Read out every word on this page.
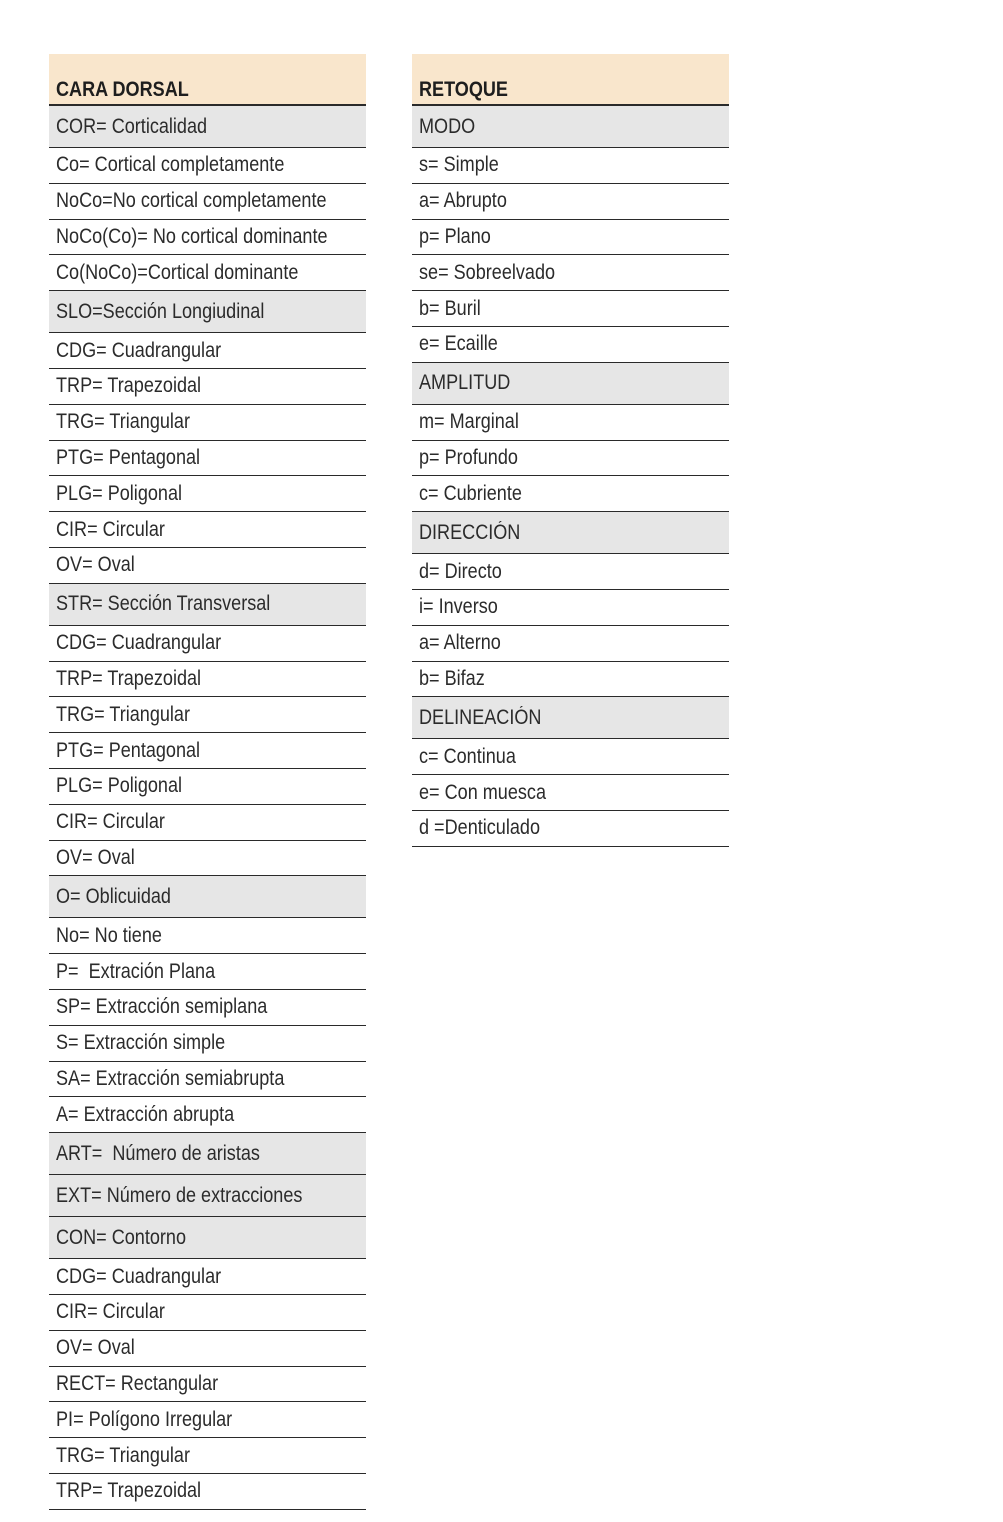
CARA DORSAL
COR= Corticalidad
Co= Cortical completamente
NoCo=No cortical completamente
NoCo(Co)= No cortical dominante
Co(NoCo)=Cortical dominante
SLO=Sección Longiudinal
CDG= Cuadrangular
TRP= Trapezoidal
TRG= Triangular
PTG= Pentagonal
PLG= Poligonal
CIR= Circular
OV= Oval
STR= Sección Transversal
CDG= Cuadrangular
TRP= Trapezoidal
TRG= Triangular
PTG= Pentagonal
PLG= Poligonal
CIR= Circular
OV= Oval
O= Oblicuidad
No= No tiene
P=  Extración Plana
SP= Extracción semiplana
S= Extracción simple
SA= Extracción semiabrupta
A= Extracción abrupta
ART=  Número de aristas
EXT= Número de extracciones
CON= Contorno
CDG= Cuadrangular
CIR= Circular
OV= Oval
RECT= Rectangular
PI= Polígono Irregular
TRG= Triangular
TRP= Trapezoidal
RETOQUE
MODO
s= Simple
a= Abrupto
p= Plano
se= Sobreelvado
b= Buril
e= Ecaille
AMPLITUD
m= Marginal
p= Profundo
c= Cubriente
DIRECCIÓN
d= Directo
i= Inverso
a= Alterno
b= Bifaz
DELINEACIÓN
c= Continua
e= Con muesca
d =Denticulado
